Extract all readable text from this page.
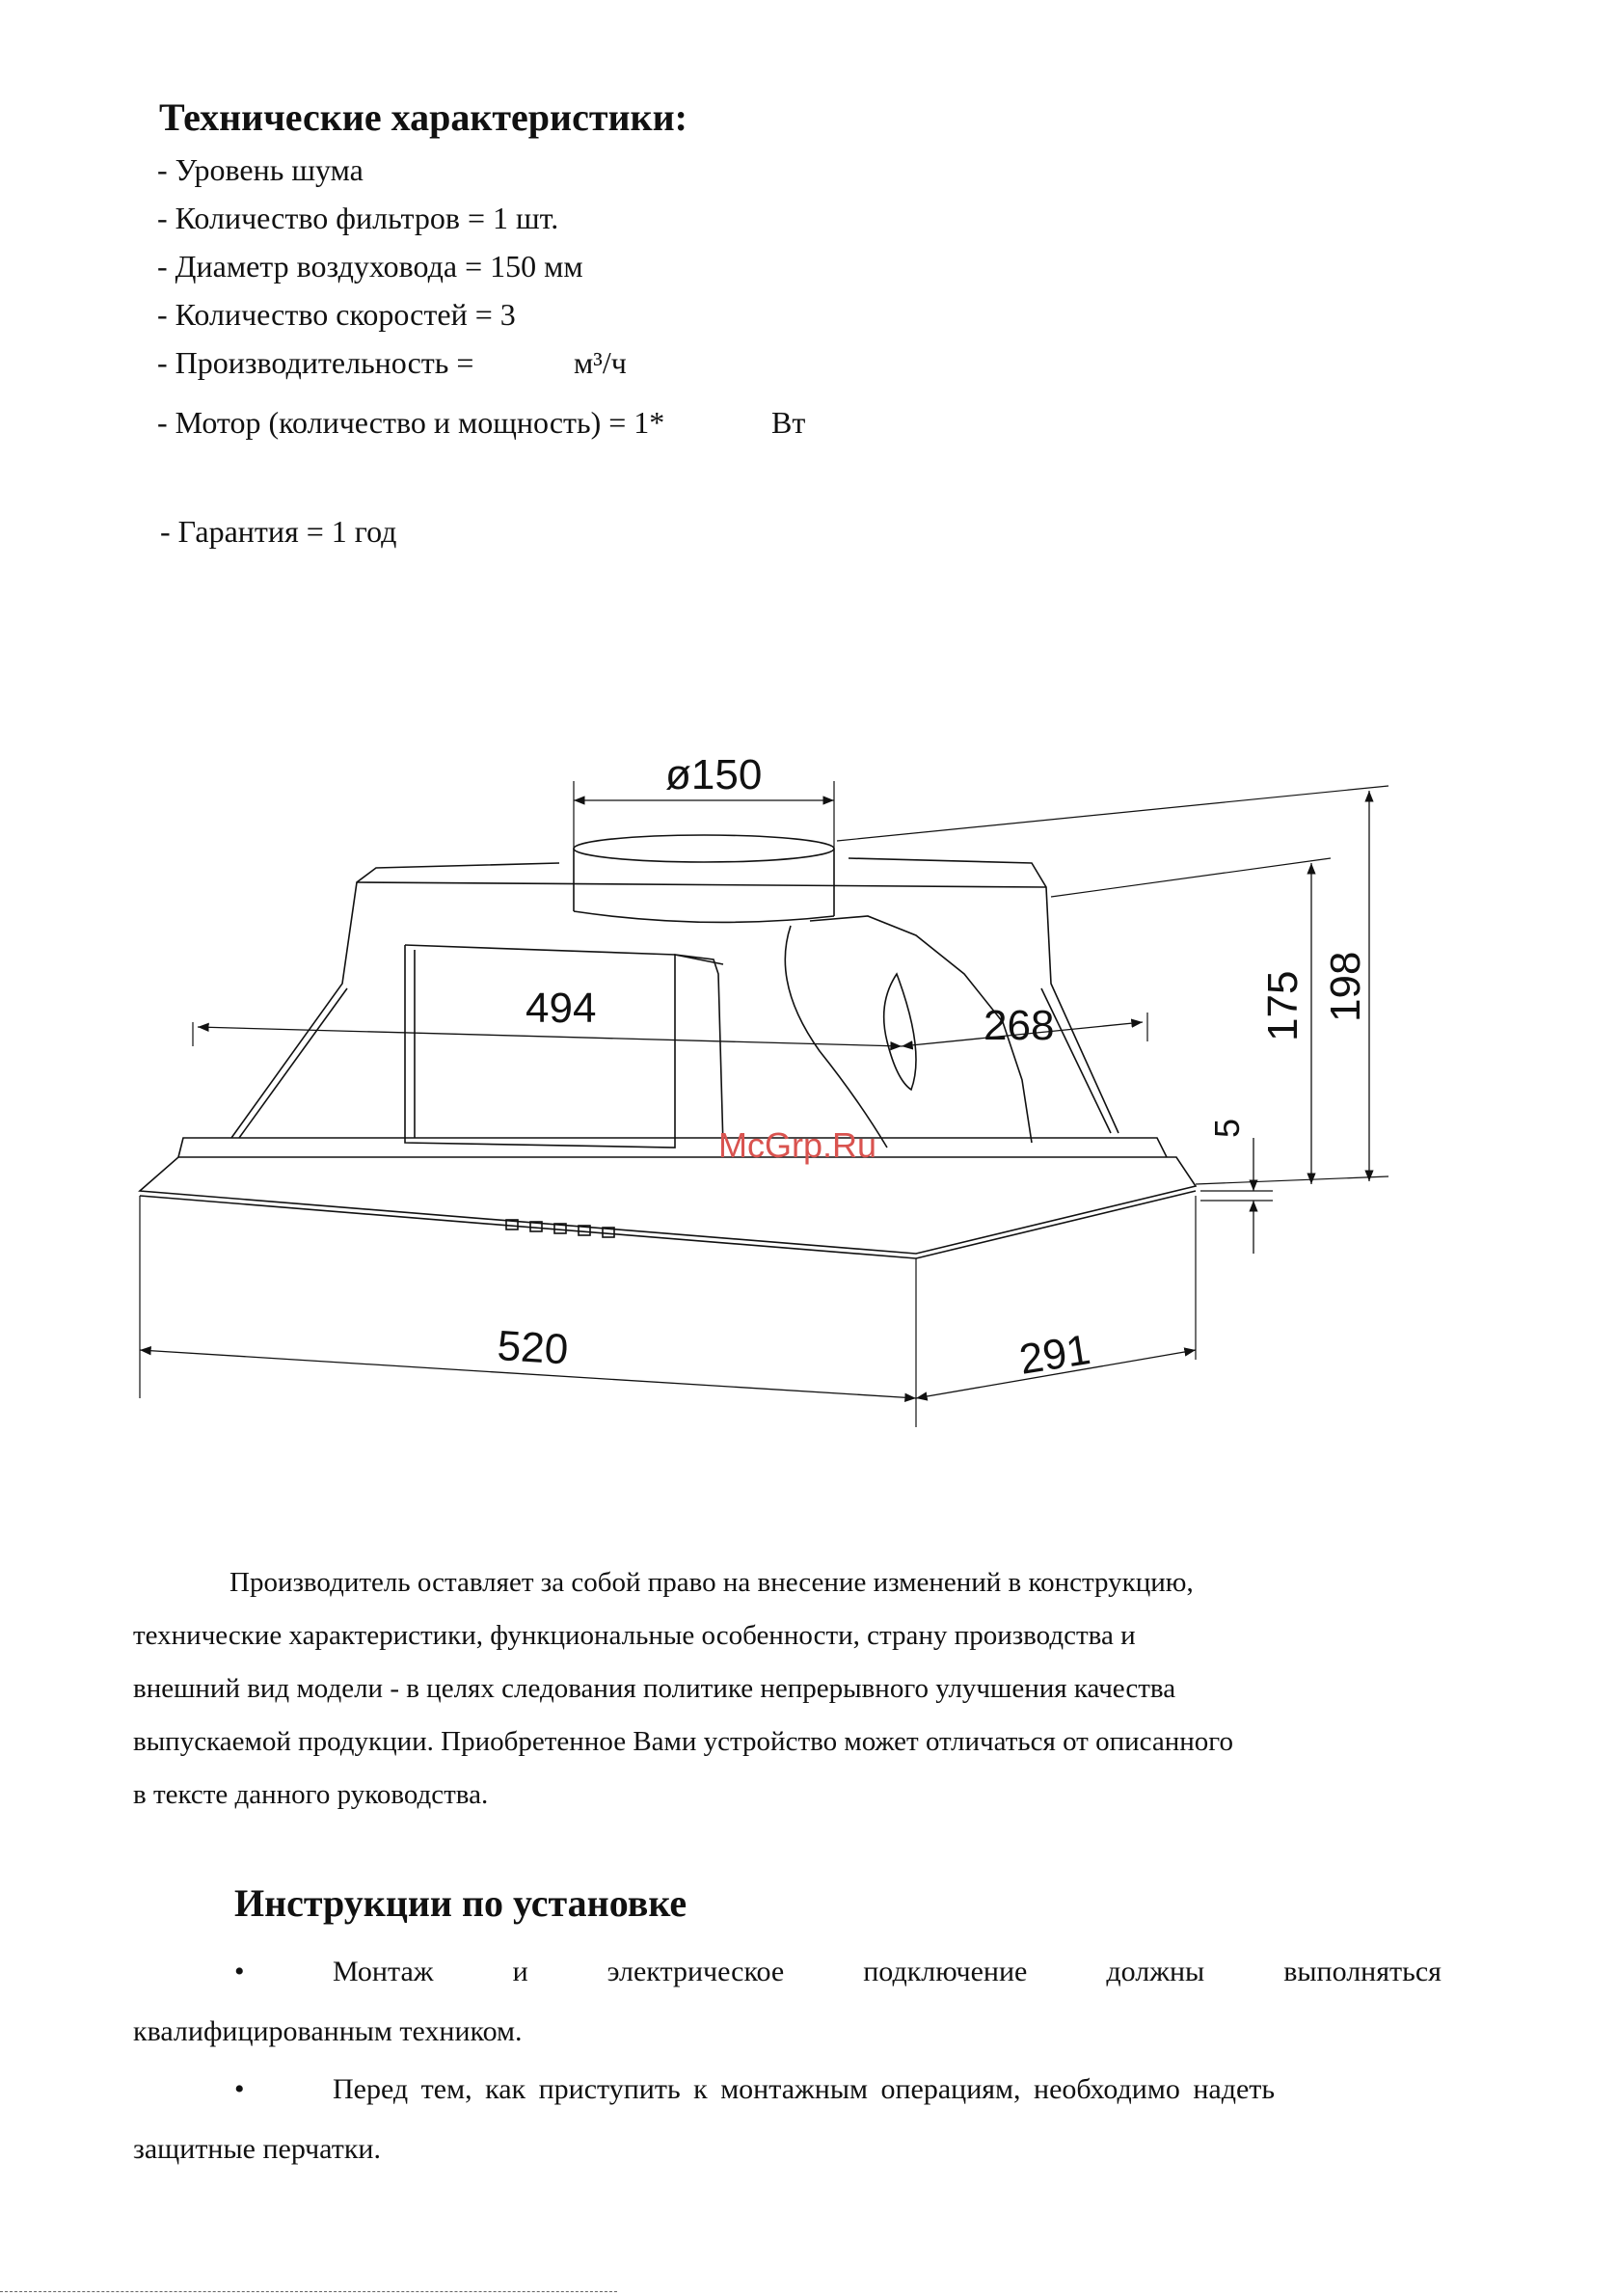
Технические характеристики:
- Уровень шума
- Количество фильтров = 1 шт.
- Диаметр воздуховода = 150 мм
- Количество скоростей = 3
- Производительность =	м³/ч
- Мотор (количество и мощность) = 1*	Вт
- Гарантия = 1 год
ø150
494	268	175 198
5
520	291
McGrp.Ru
Производитель оставляет за собой право на внесение изменений в конструкцию,
технические характеристики, функциональные особенности, страну производства и
внешний вид модели - в целях следования политике непрерывного улучшения качества
выпускаемой продукции. Приобретенное Вами устройство может отличаться от описанного
в тексте данного руководства.
Инструкции по установке
•	Монтаж	и	электрическое	подключение	должны	выполняться
квалифицированным техником.
•	Перед тем, как приступить к монтажным операциям, необходимо надеть
защитные перчатки.
